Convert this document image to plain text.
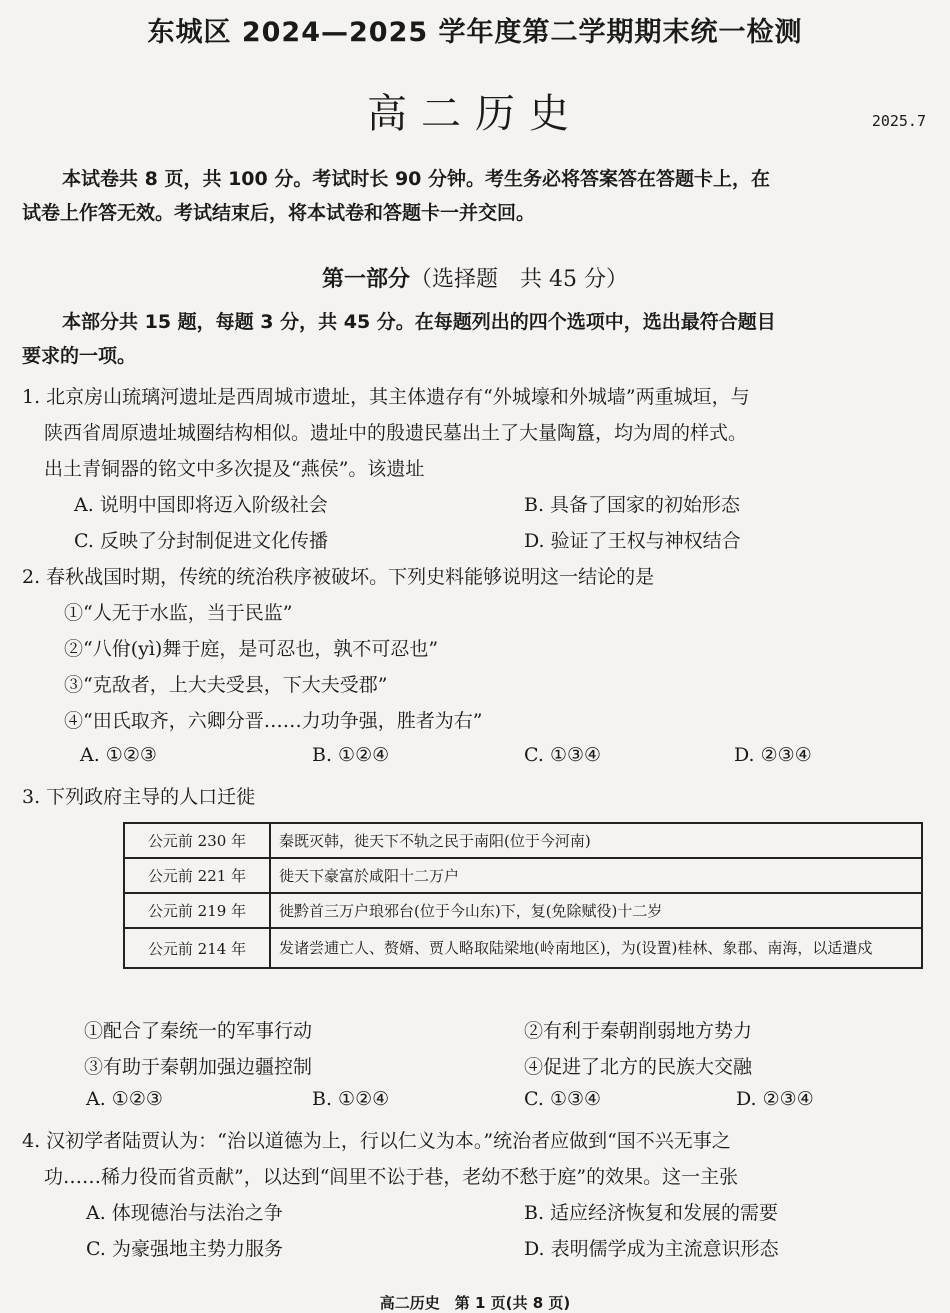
东城区 2024—2025 学年度第二学期期末统一检测
高二历史	2025.7
本试卷共 8 页，共 100 分。考试时长 90 分钟。考生务必将答案答在答题卡上，在
试卷上作答无效。考试结束后，将本试卷和答题卡一并交回。
第一部分（选择题　共 45 分）
本部分共 15 题，每题 3 分，共 45 分。在每题列出的四个选项中，选出最符合题目
要求的一项。
1. 北京房山琉璃河遗址是西周城市遗址，其主体遗存有“外城壕和外城墙”两重城垣，与
陕西省周原遗址城圈结构相似。遗址中的殷遗民墓出土了大量陶簋，均为周的样式。
出土青铜器的铭文中多次提及“燕侯”。该遗址
A. 说明中国即将迈入阶级社会	B. 具备了国家的初始形态
C. 反映了分封制促进文化传播	D. 验证了王权与神权结合
2. 春秋战国时期，传统的统治秩序被破坏。下列史料能够说明这一结论的是
①“人无于水监，当于民监”
②“八佾(yì)舞于庭，是可忍也，孰不可忍也”
③“克敌者，上大夫受县，下大夫受郡”
④“田氏取齐，六卿分晋……力功争强，胜者为右”
A. ①②③	B. ①②④	C. ①③④	D. ②③④
3. 下列政府主导的人口迁徙
公元前 230 年	秦既灭韩，徙天下不轨之民于南阳(位于今河南)
公元前 221 年	徙天下豪富於咸阳十二万户
公元前 219 年	徙黔首三万户琅邪台(位于今山东)下，复(免除赋役)十二岁
公元前 214 年	发诸尝逋亡人、赘婿、贾人略取陆梁地(岭南地区)，为(设置)桂林、象郡、南海，以适遣戍
①配合了秦统一的军事行动	②有利于秦朝削弱地方势力
③有助于秦朝加强边疆控制	④促进了北方的民族大交融
A. ①②③	B. ①②④	C. ①③④	D. ②③④
4. 汉初学者陆贾认为：“治以道德为上，行以仁义为本。”统治者应做到“国不兴无事之
功……稀力役而省贡献”，以达到“闾里不讼于巷，老幼不愁于庭”的效果。这一主张
A. 体现德治与法治之争	B. 适应经济恢复和发展的需要
C. 为豪强地主势力服务	D. 表明儒学成为主流意识形态
高二历史　第 1 页(共 8 页)
